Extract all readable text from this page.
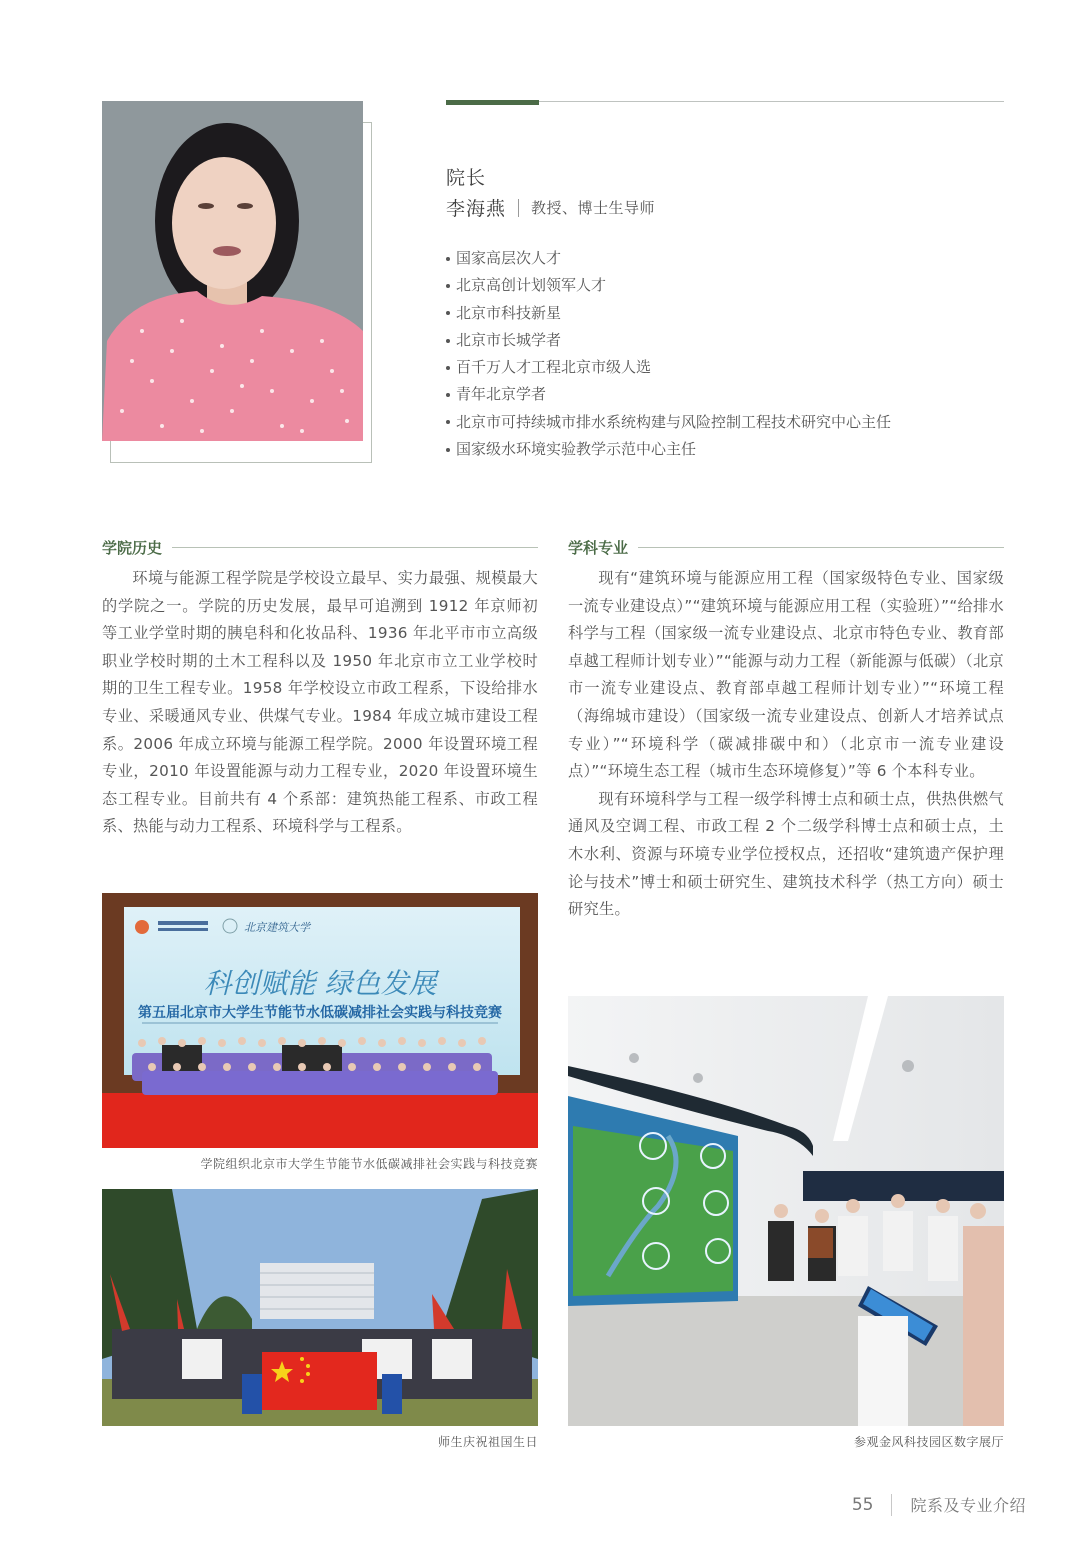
院长
李海燕 教授、博士生导师
国家高层次人才
北京高创计划领军人才
北京市科技新星
北京市长城学者
百千万人才工程北京市级人选
青年北京学者
北京市可持续城市排水系统构建与风险控制工程技术研究中心主任
国家级水环境实验教学示范中心主任
学院历史

环境与能源工程学院是学校设立最早、实力最强、规模最大的学院之一。学院的历史发展，最早可追溯到 1912 年京师初等工业学堂时期的胰皂科和化妆品科、1936 年北平市市立高级职业学校时期的土木工程科以及 1950 年北京市立工业学校时期的卫生工程专业。1958 年学校设立市政工程系，下设给排水专业、采暖通风专业、供煤气专业。1984 年成立城市建设工程系。2006 年成立环境与能源工程学院。2000 年设置环境工程专业，2010 年设置能源与动力工程专业，2020 年设置环境生态工程专业。目前共有 4 个系部：建筑热能工程系、市政工程系、热能与动力工程系、环境科学与工程系。

学科专业

现有“建筑环境与能源应用工程（国家级特色专业、国家级一流专业建设点）”“建筑环境与能源应用工程（实验班）”“给排水科学与工程（国家级一流专业建设点、北京市特色专业、教育部卓越工程师计划专业）”“能源与动力工程（新能源与低碳）（北京市一流专业建设点、教育部卓越工程师计划专业）”“环境工程（海绵城市建设）（国家级一流专业建设点、创新人才培养试点专业）”“环境科学（碳减排碳中和）（北京市一流专业建设点）”“环境生态工程（城市生态环境修复）”等 6 个本科专业。

现有环境科学与工程一级学科博士点和硕士点，供热供燃气通风及空调工程、市政工程 2 个二级学科博士点和硕士点，土木水利、资源与环境专业学位授权点，还招收“建筑遗产保护理论与技术”博士和硕士研究生、建筑技术科学（热工方向）硕士研究生。

北京建筑大学
科创赋能 绿色发展
第五届北京市大学生节能节水低碳减排社会实践与科技竞赛
学院组织北京市大学生节能节水低碳减排社会实践与科技竞赛
师生庆祝祖国生日	参观金风科技园区数字展厅
55 院系及专业介绍
